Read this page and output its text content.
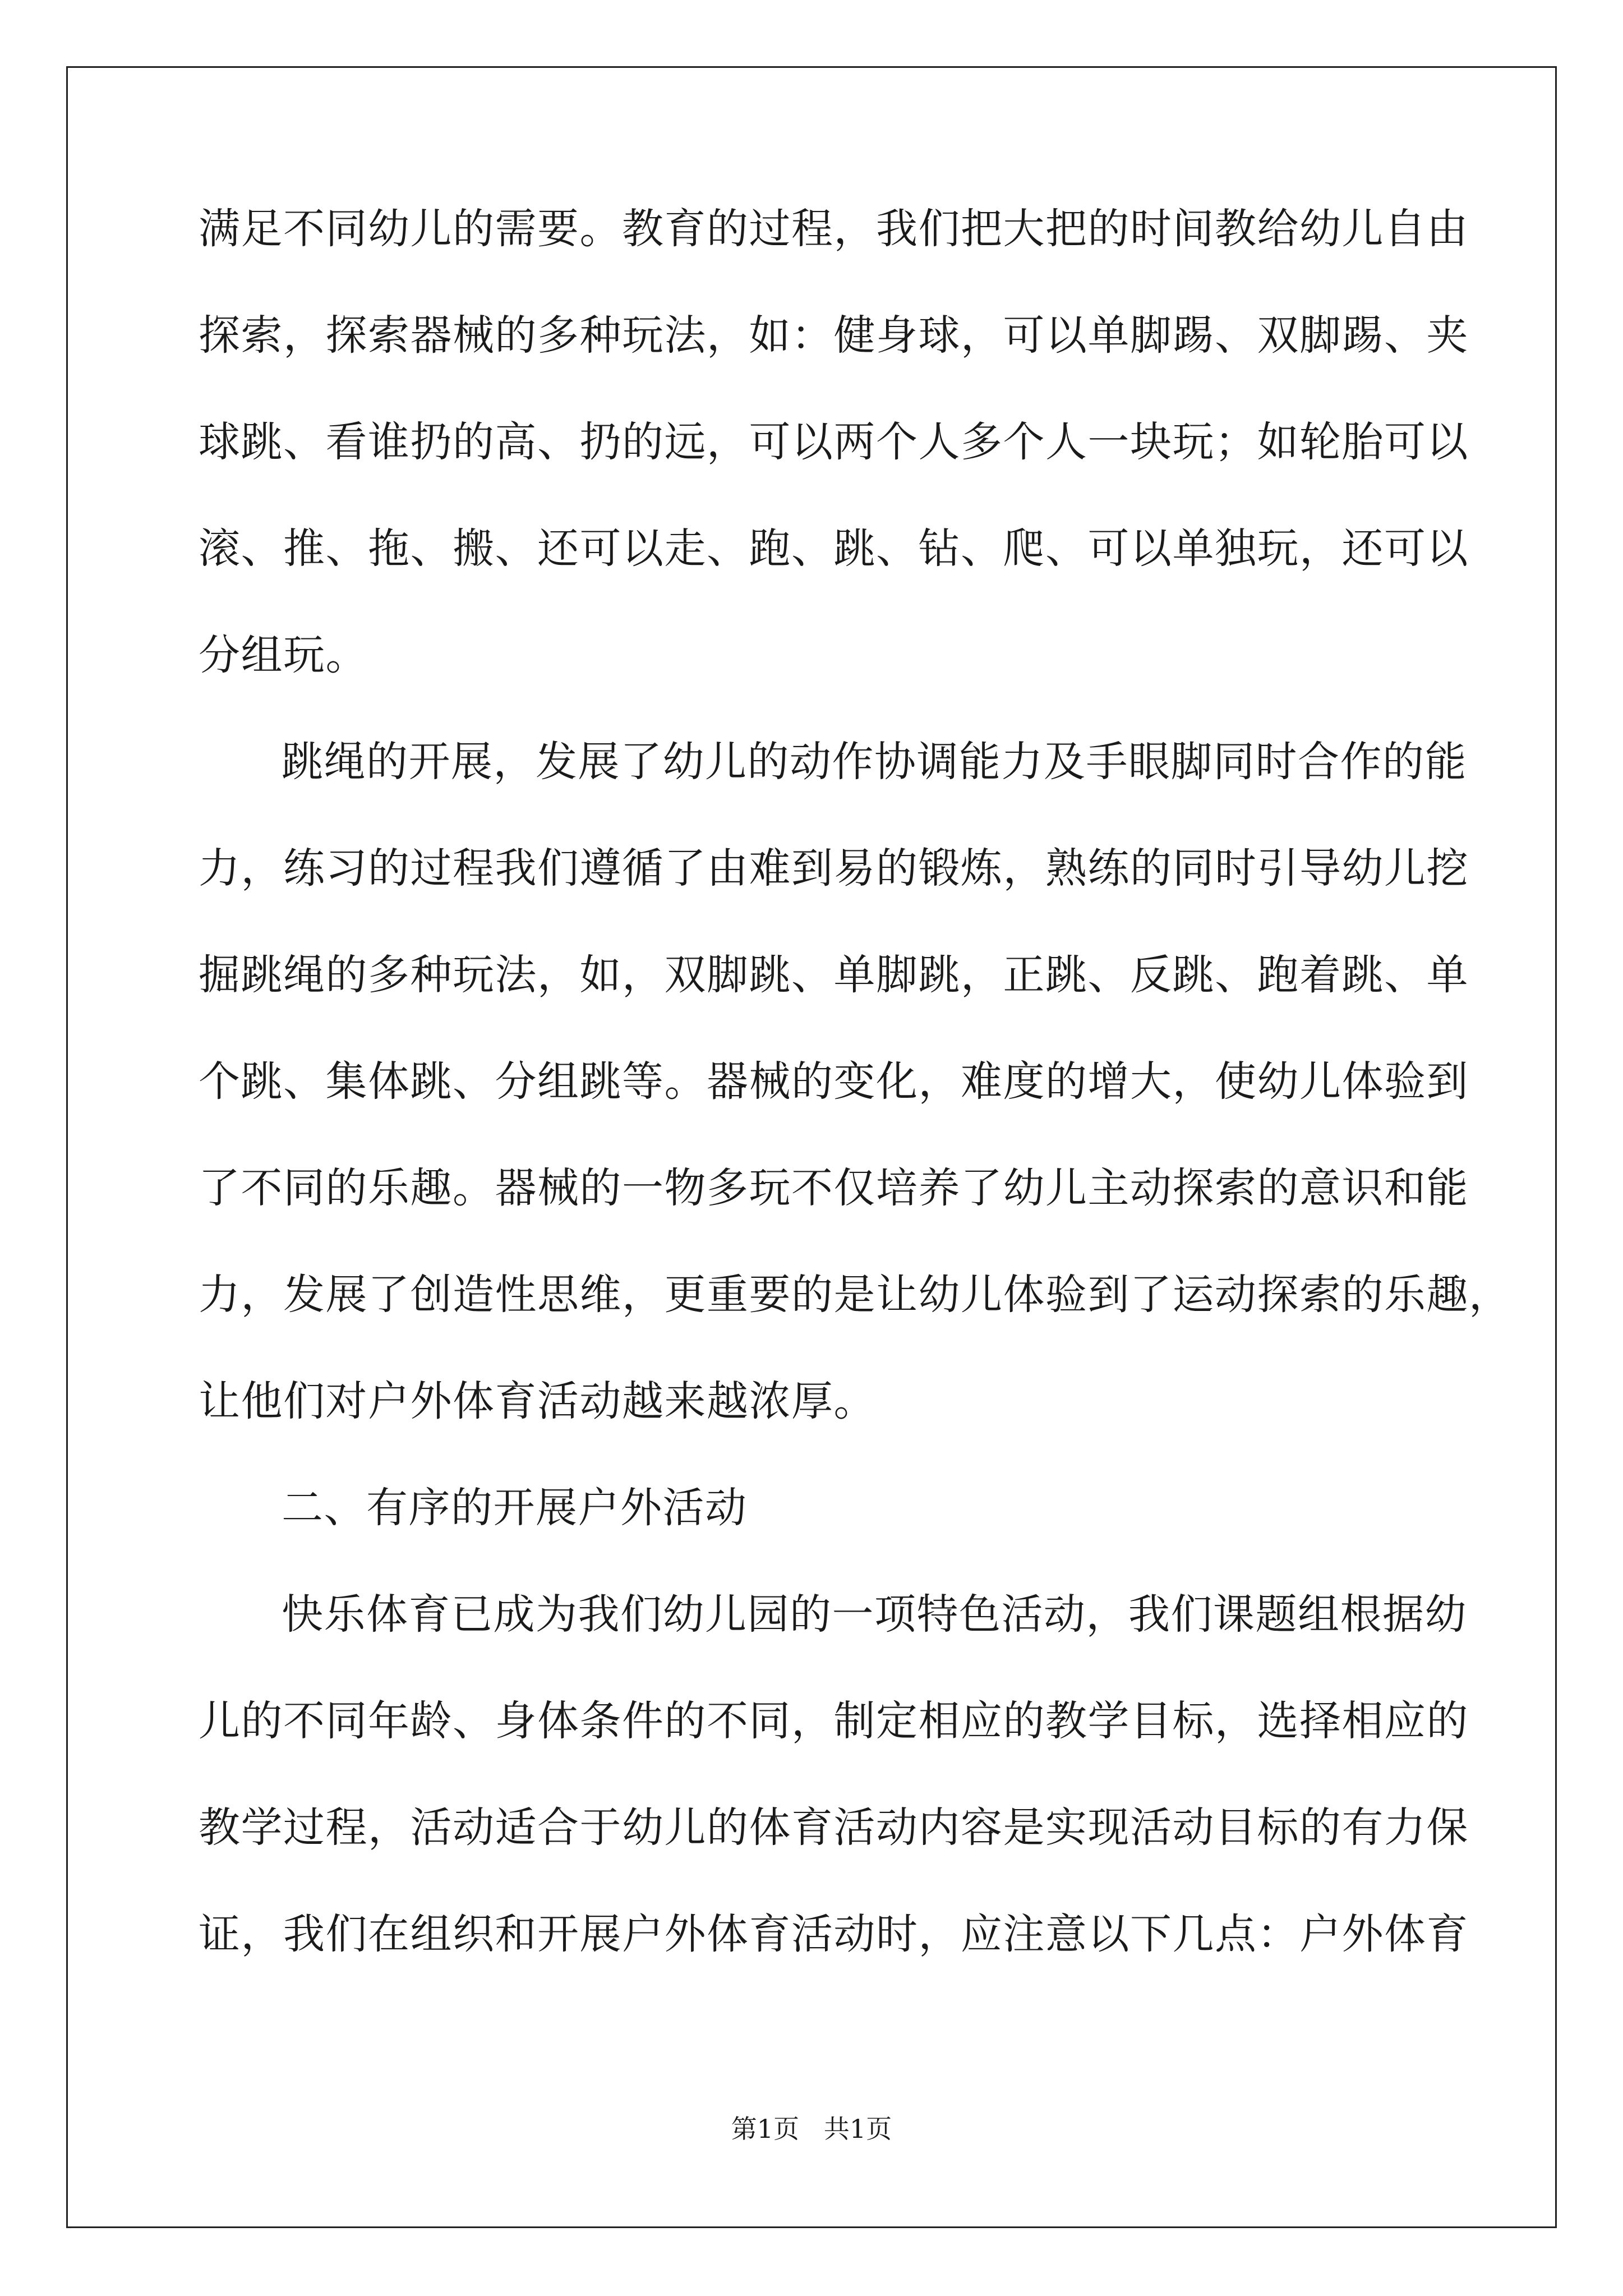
满足不同幼儿的需要。教育的过程，我们把大把的时间教给幼儿自由
探索，探索器械的多种玩法，如：健身球，可以单脚踢、双脚踢、夹
球跳、看谁扔的高、扔的远，可以两个人多个人一块玩；如轮胎可以
滚、推、拖、搬、还可以走、跑、跳、钻、爬、可以单独玩，还可以
分组玩。
跳绳的开展，发展了幼儿的动作协调能力及手眼脚同时合作的能
力，练习的过程我们遵循了由难到易的锻炼，熟练的同时引导幼儿挖
掘跳绳的多种玩法，如，双脚跳、单脚跳，正跳、反跳、跑着跳、单
个跳、集体跳、分组跳等。器械的变化，难度的增大，使幼儿体验到
了不同的乐趣。器械的一物多玩不仅培养了幼儿主动探索的意识和能
力，发展了创造性思维，更重要的是让幼儿体验到了运动探索的乐趣，
让他们对户外体育活动越来越浓厚。
二、有序的开展户外活动
快乐体育已成为我们幼儿园的一项特色活动，我们课题组根据幼
儿的不同年龄、身体条件的不同，制定相应的教学目标，选择相应的
教学过程，活动适合于幼儿的体育活动内容是实现活动目标的有力保
证，我们在组织和开展户外体育活动时，应注意以下几点：户外体育
第1页   共1页
